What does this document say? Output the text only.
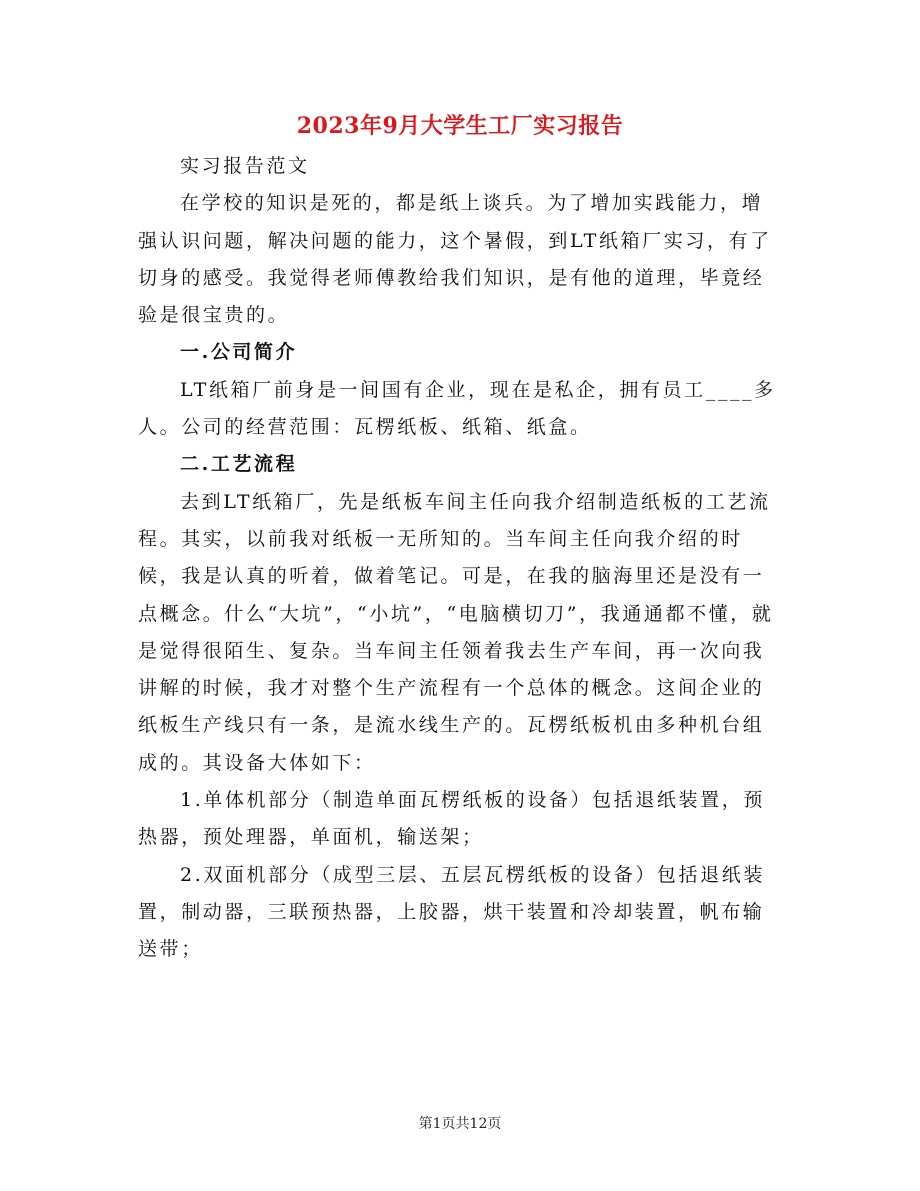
2023年9月大学生工厂实习报告

实习报告范文

在学校的知识是死的，都是纸上谈兵。为了增加实践能力，增强认识问题，解决问题的能力，这个暑假，到LT纸箱厂实习，有了切身的感受。我觉得老师傅教给我们知识，是有他的道理，毕竟经验是很宝贵的。

一.公司简介

LT纸箱厂前身是一间国有企业，现在是私企，拥有员工____多人。公司的经营范围：瓦楞纸板、纸箱、纸盒。

二.工艺流程

去到LT纸箱厂，先是纸板车间主任向我介绍制造纸板的工艺流程。其实，以前我对纸板一无所知的。当车间主任向我介绍的时候，我是认真的听着，做着笔记。可是，在我的脑海里还是没有一点概念。什么“大坑”，“小坑”，“电脑横切刀”，我通通都不懂，就是觉得很陌生、复杂。当车间主任领着我去生产车间，再一次向我讲解的时候，我才对整个生产流程有一个总体的概念。这间企业的纸板生产线只有一条，是流水线生产的。瓦楞纸板机由多种机台组成的。其设备大体如下：

1.单体机部分（制造单面瓦楞纸板的设备）包括退纸装置，预热器，预处理器，单面机，输送架；

2.双面机部分（成型三层、五层瓦楞纸板的设备）包括退纸装置，制动器，三联预热器，上胶器，烘干装置和冷却装置，帆布输送带；

第1页共12页
